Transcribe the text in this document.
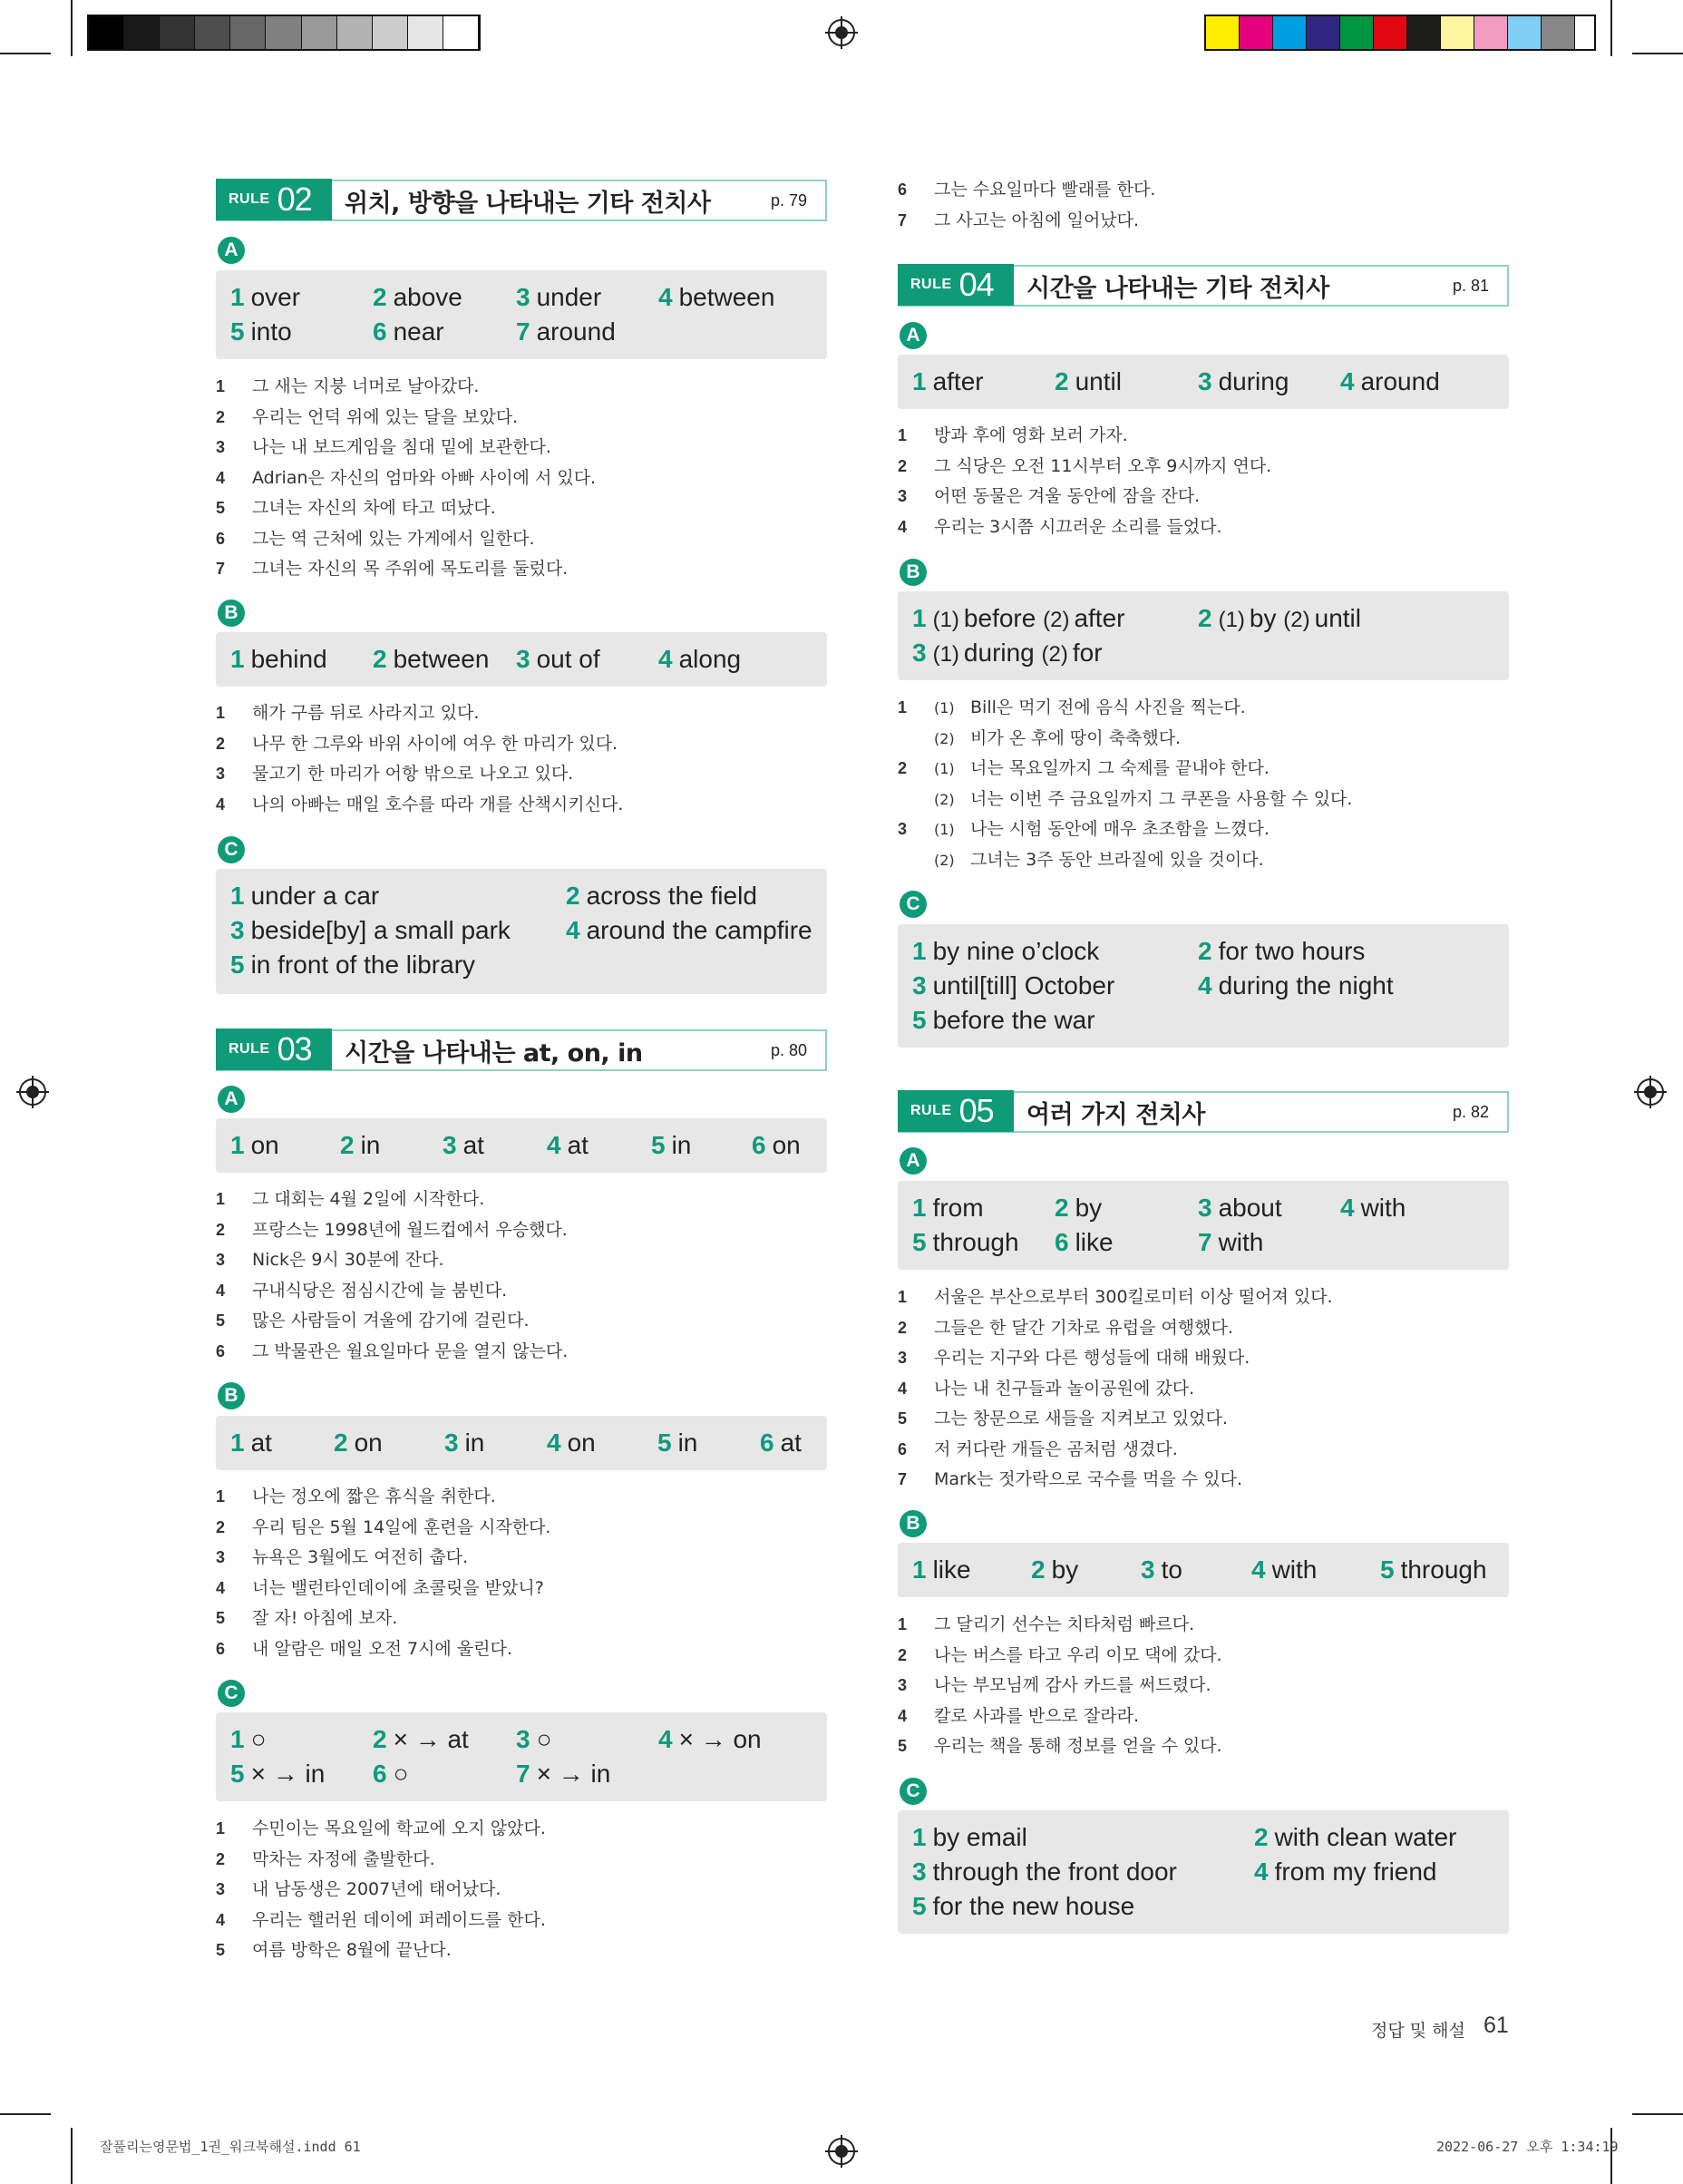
RULE 02	위치, 방향을 나타내는 기타 전치사	p. 79
A
1 over	2 above 3 under 4 between
5 into	6 near	7 around
1 그 새는 지붕 너머로 날아갔다.
2 우리는 언덕 위에 있는 달을 보았다.
3 나는 내 보드게임을 침대 밑에 보관한다.
4 Adrian은 자신의 엄마와 아빠 사이에 서 있다.
5 그녀는 자신의 차에 타고 떠났다.
6 그는 역 근처에 있는 가게에서 일한다.
7 그녀는 자신의 목 주위에 목도리를 둘렀다.
B
1 behind 2 between 3 out of 4 along
1 해가 구름 뒤로 사라지고 있다.
2 나무 한 그루와 바위 사이에 여우 한 마리가 있다.
3 물고기 한 마리가 어항 밖으로 나오고 있다.
4 나의 아빠는 매일 호수를 따라 개를 산책시키신다.
C
1 under a car	2 across the field
3 beside[by] a small park 4 around the campfire
5 in front of the library
RULE 03	시간을 나타내는 at, on, in	p. 80
A
1 on 2 in 3 at 4 at 5 in 6 on
1 그 대회는 4월 2일에 시작한다.
2 프랑스는 1998년에 월드컵에서 우승했다.
3 Nick은 9시 30분에 잔다.
4 구내식당은 점심시간에 늘 붐빈다.
5 많은 사람들이 겨울에 감기에 걸린다.
6 그 박물관은 월요일마다 문을 열지 않는다.
B
1 at 2 on 3 in 4 on 5 in 6 at
1 나는 정오에 짧은 휴식을 취한다.
2 우리 팀은 5월 14일에 훈련을 시작한다.
3 뉴욕은 3월에도 여전히 춥다.
4 너는 밸런타인데이에 초콜릿을 받았니?
5 잘 자! 아침에 보자.
6 내 알람은 매일 오전 7시에 울린다.
C
1 ○	2 × → at 3 ○	4 × → on
5 × → in 6 ○	7 × → in
1 수민이는 목요일에 학교에 오지 않았다.
2 막차는 자정에 출발한다.
3 내 남동생은 2007년에 태어났다.
4 우리는 핼러윈 데이에 퍼레이드를 한다.
5 여름 방학은 8월에 끝난다.
6 그는 수요일마다 빨래를 한다.
7 그 사고는 아침에 일어났다.
RULE 04	시간을 나타내는 기타 전치사	p. 81
A
1 after	2 until	3 during 4 around
1 방과 후에 영화 보러 가자.
2 그 식당은 오전 11시부터 오후 9시까지 연다.
3 어떤 동물은 겨울 동안에 잠을 잔다.
4 우리는 3시쯤 시끄러운 소리를 들었다.
B
1 (1) before (2) after	2 (1) by (2) until
3 (1) during (2) for
1 (1) Bill은 먹기 전에 음식 사진을 찍는다.
(2) 비가 온 후에 땅이 축축했다.
2 (1) 너는 목요일까지 그 숙제를 끝내야 한다.
(2) 너는 이번 주 금요일까지 그 쿠폰을 사용할 수 있다.
3 (1) 나는 시험 동안에 매우 초조함을 느꼈다.
(2) 그녀는 3주 동안 브라질에 있을 것이다.
C
1 by nine o’clock	2 for two hours
3 until[till] October	4 during the night
5 before the war
RULE 05	여러 가지 전치사	p. 82
A
1 from	2 by	3 about 4 with
5 through 6 like	7 with
1 서울은 부산으로부터 300킬로미터 이상 떨어져 있다.
2 그들은 한 달간 기차로 유럽을 여행했다.
3 우리는 지구와 다른 행성들에 대해 배웠다.
4 나는 내 친구들과 놀이공원에 갔다.
5 그는 창문으로 새들을 지켜보고 있었다.
6 저 커다란 개들은 곰처럼 생겼다.
7 Mark는 젓가락으로 국수를 먹을 수 있다.
B
1 like 2 by 3 to	4 with 5 through
1 그 달리기 선수는 치타처럼 빠르다.
2 나는 버스를 타고 우리 이모 댁에 갔다.
3 나는 부모님께 감사 카드를 써드렸다.
4 칼로 사과를 반으로 잘라라.
5 우리는 책을 통해 정보를 얻을 수 있다.
C
1 by email	2 with clean water
3 through the front door	4 from my friend
5 for the new house
정답 및 해설 61
잘풀리는영문법_1권_워크북해설.indd 61	2022-06-27 오후 1:34:19
